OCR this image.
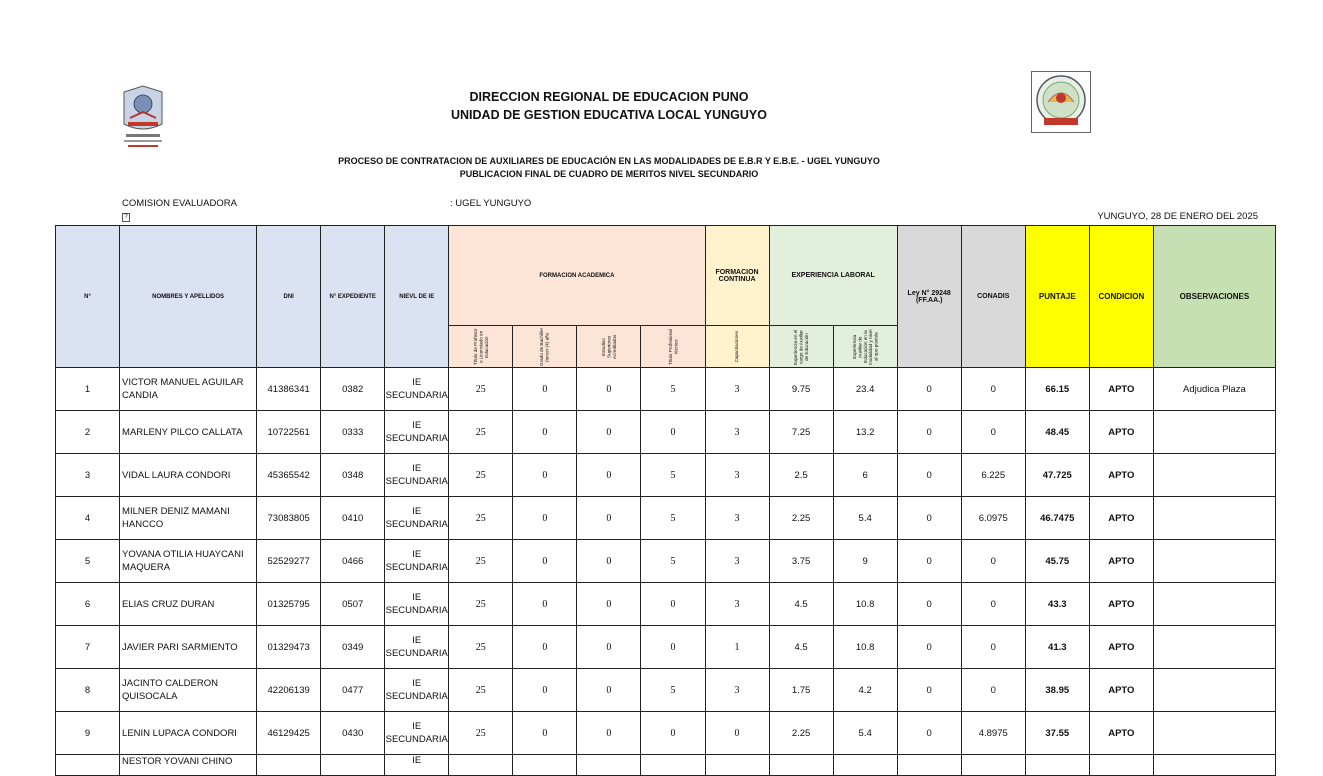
DIRECCION REGIONAL DE EDUCACION PUNO
UNIDAD DE GESTION EDUCATIVA LOCAL YUNGUYO
PROCESO DE CONTRATACION DE AUXILIARES DE EDUCACIÓN EN LAS MODALIDADES DE E.B.R Y E.B.E. - UGEL YUNGUYO
PUBLICACION FINAL DE CUADRO DE MERITOS NIVEL SECUNDARIO
COMISION EVALUADORA
?
: UGEL YUNGUYO
YUNGUYO, 28 DE ENERO DEL 2025
N°	NOMBRES Y APELLIDOS	DNI	N° EXPEDIENTE	NIEVL DE IE	FORMACION ACADEMICA				FORMACION CONTINUA	EXPERIENCIA LABORAL		Ley N° 29248 (FF.AA.)	CONADIS	PUNTAJE	CONDICION	OBSERVACIONES

					Título de Profesor o Licenciado en Educación	Grado de Bachiller (tercer (4) año	Estudios Superiores Acreditados	Título Profesional técnico	Capacitaciones	Experiencia en el cargo de Auxiliar de Educación	Experiencia Auxiliar de Educación en la modalidad y nivel al que postula					

1	VICTOR MANUEL AGUILAR CANDIA	41386341	0382	IE SECUNDARIA	25	0	0	5	3	9.75	23.4	0	0	66.15	APTO	Adjudica Plaza
2	MARLENY PILCO CALLATA	10722561	0333	IE SECUNDARIA	25	0	0	0	3	7.25	13.2	0	0	48.45	APTO	
3	VIDAL LAURA CONDORI	45365542	0348	IE SECUNDARIA	25	0	0	5	3	2.5	6	0	6.225	47.725	APTO	
4	MILNER DENIZ MAMANI HANCCO	73083805	0410	IE SECUNDARIA	25	0	0	5	3	2.25	5.4	0	6.0975	46.7475	APTO	
5	YOVANA OTILIA HUAYCANI MAQUERA	52529277	0466	IE SECUNDARIA	25	0	0	5	3	3.75	9	0	0	45.75	APTO	
6	ELIAS CRUZ DURAN	01325795	0507	IE SECUNDARIA	25	0	0	0	3	4.5	10.8	0	0	43.3	APTO	
7	JAVIER PARI SARMIENTO	01329473	0349	IE SECUNDARIA	25	0	0	0	1	4.5	10.8	0	0	41.3	APTO	
8	JACINTO CALDERON QUISOCALA	42206139	0477	IE SECUNDARIA	25	0	0	5	3	1.75	4.2	0	0	38.95	APTO	
9	LENIN LUPACA CONDORI	46129425	0430	IE SECUNDARIA	25	0	0	0	0	2.25	5.4	0	4.8975	37.55	APTO	
	NESTOR YOVANI CHINO			IE												
